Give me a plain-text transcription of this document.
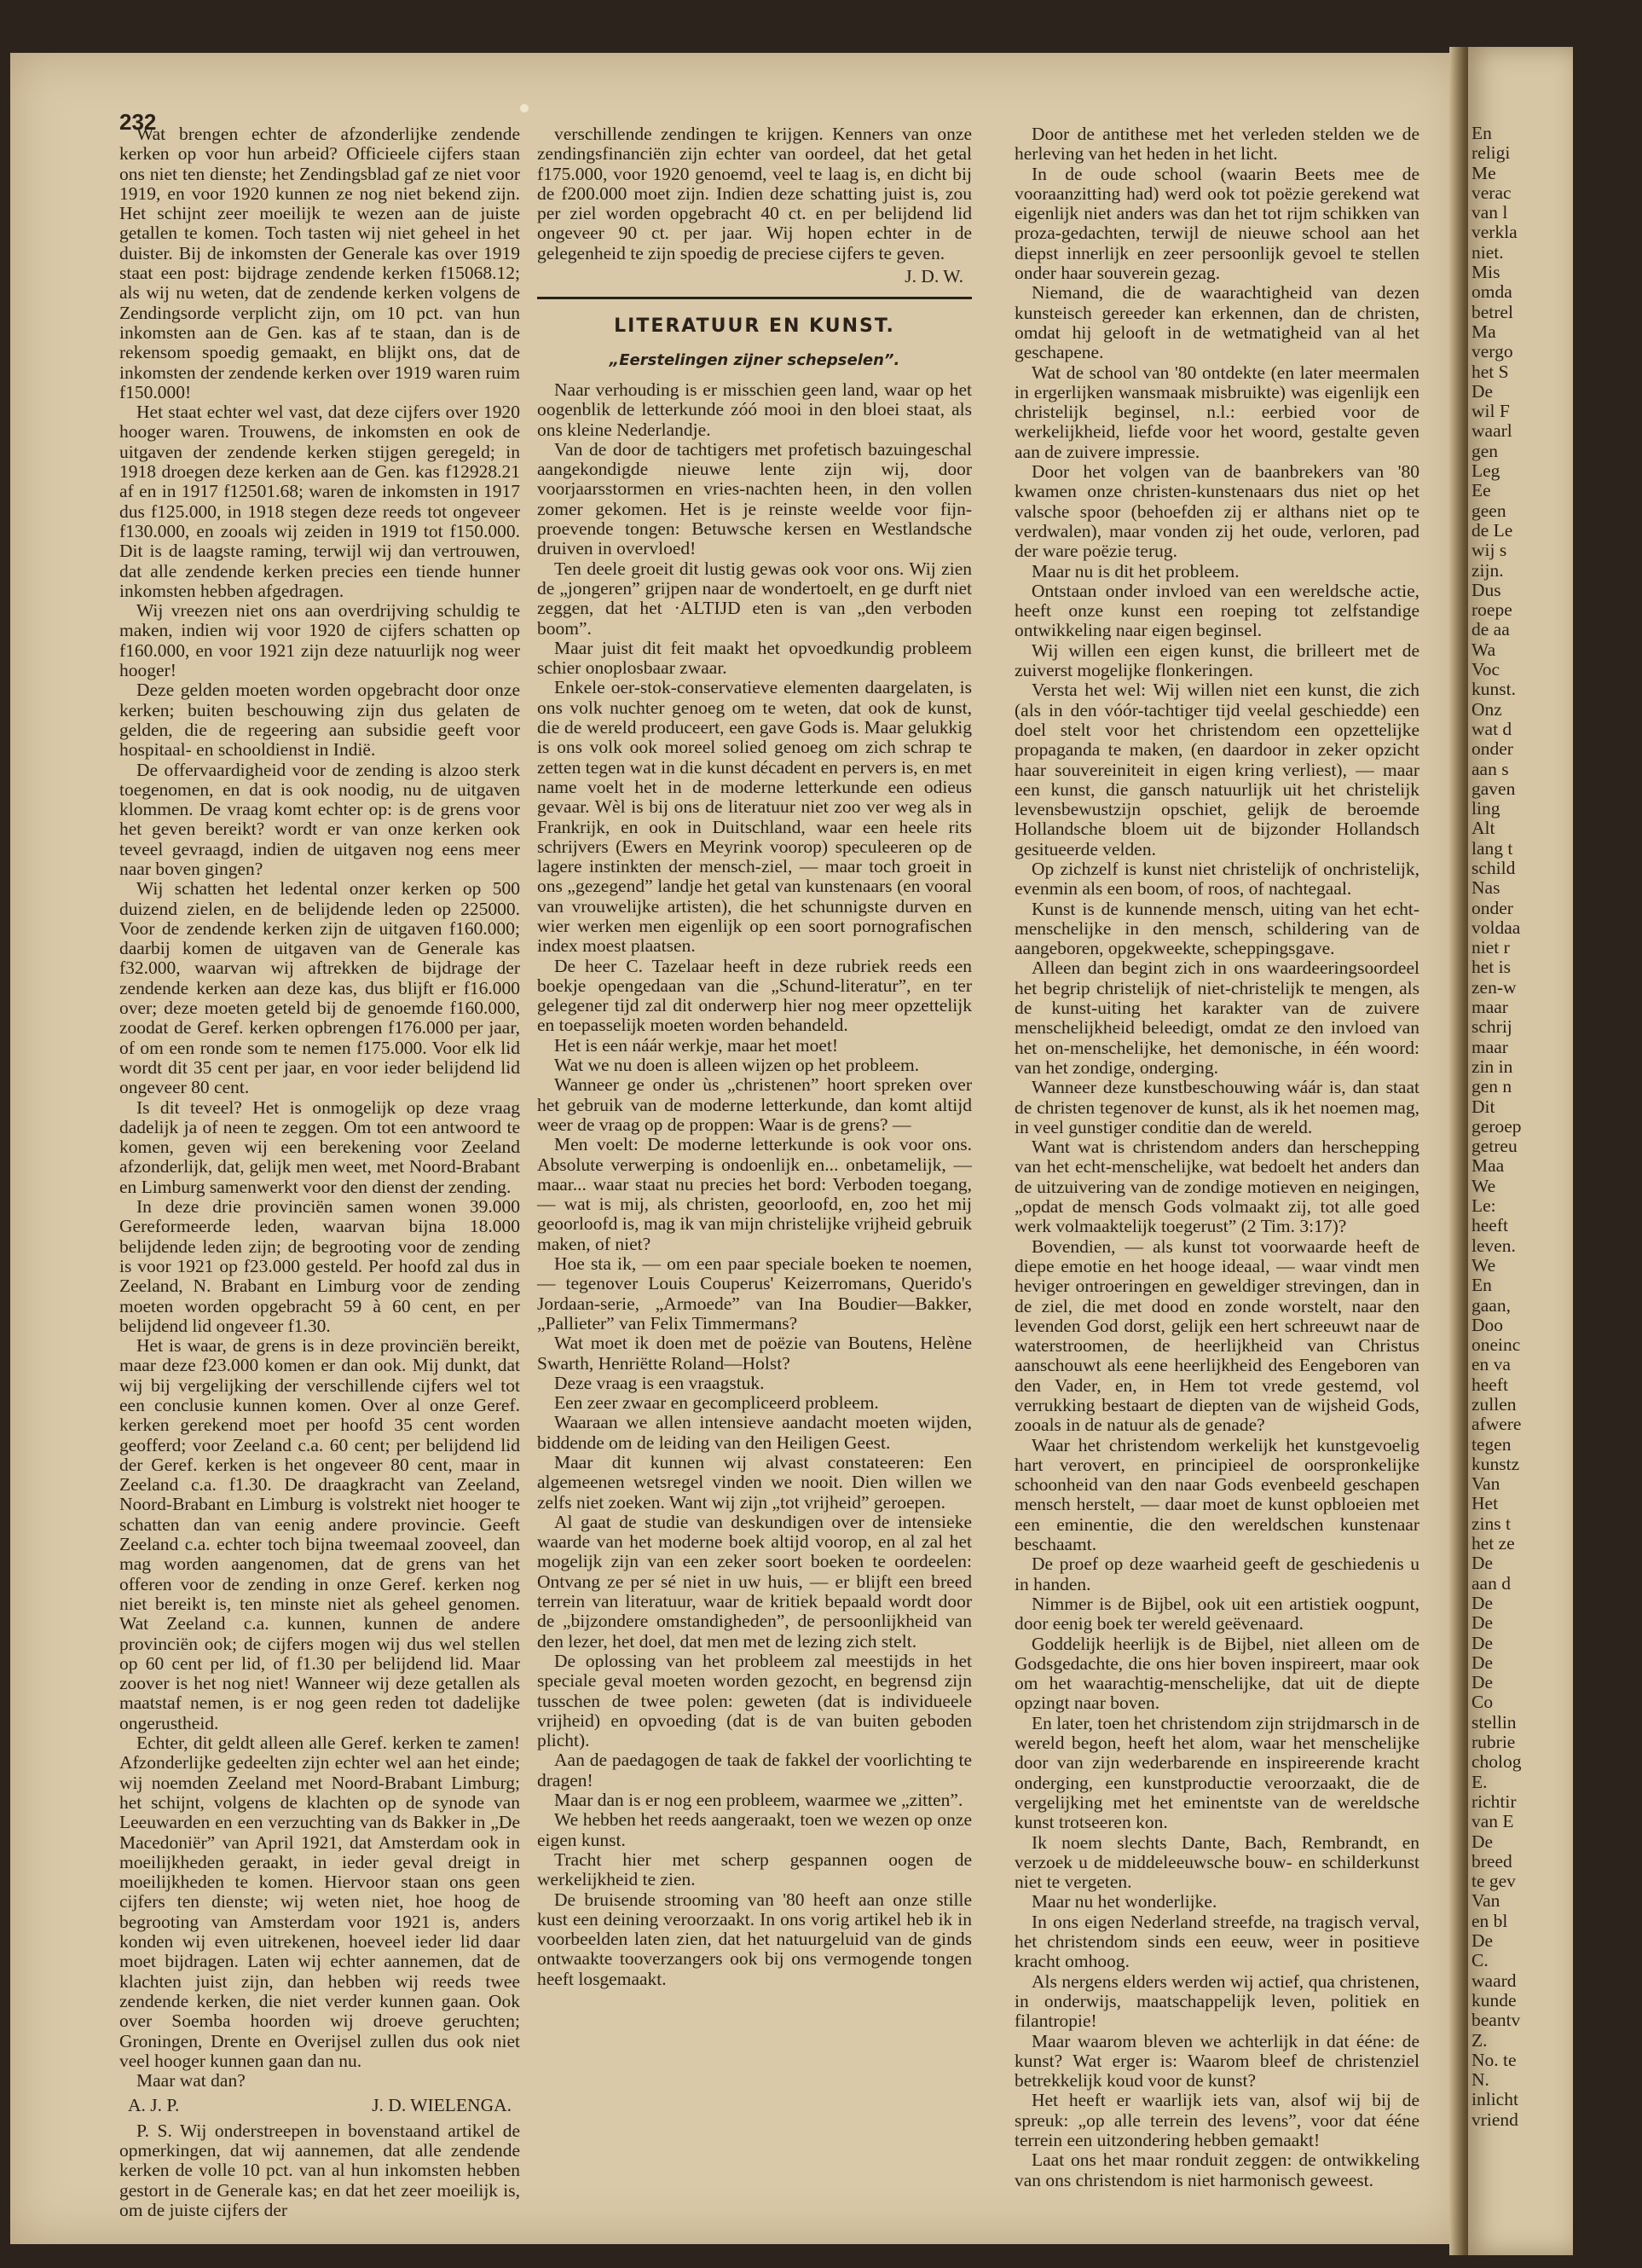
En
religi
Me
verac
van l
verkla
niet.
Mis
omda
betrel
Ma
vergo
het S
De
wil F
waarl
gen
Leg
Ee
geen
de Le
wij s
zijn.
Dus
roepe
de aa
Wa
Voc
kunst.
Onz
wat d
onder
aan s
gaven
ling
Alt
lang t
schild
Nas
onder
voldaa
niet r
het is
zen-w
maar
schrij
maar
zin in
gen n
Dit
geroep
getreu
Maa
We
Le:
heeft
leven.
We
En
gaan,
Doo
oneinc
en va
heeft
zullen
afwere
tegen
kunstz
Van
Het
zins t
het ze
De
aan d
De
De
De
De
De
Co
stellin
rubrie
cholog
E.
richtir
van E
De
breed
te gev
Van
en bl
De
C.
waard
kunde
beantv
Z.
No. te
N.
inlicht
vriend
232

Wat brengen echter de afzonderlijke zendende kerken op voor hun arbeid? Officieele cijfers staan ons niet ten dienste; het Zendingsblad gaf ze niet voor 1919, en voor 1920 kunnen ze nog niet bekend zijn. Het schijnt zeer moeilijk te wezen aan de juiste getallen te komen. Toch tasten wij niet geheel in het duister. Bij de inkomsten der Generale kas over 1919 staat een post: bijdrage zendende kerken f15068.12; als wij nu weten, dat de zendende kerken volgens de Zendingsorde verplicht zijn, om 10 pct. van hun inkomsten aan de Gen. kas af te staan, dan is de rekensom spoedig gemaakt, en blijkt ons, dat de inkomsten der zendende kerken over 1919 waren ruim f150.000!

Het staat echter wel vast, dat deze cijfers over 1920 hooger waren. Trouwens, de inkomsten en ook de uitgaven der zendende kerken stijgen geregeld; in 1918 droegen deze kerken aan de Gen. kas f12928.21 af en in 1917 f12501.68; waren de inkomsten in 1917 dus f125.000, in 1918 stegen deze reeds tot ongeveer f130.000, en zooals wij zeiden in 1919 tot f150.000. Dit is de laagste raming, terwijl wij dan vertrouwen, dat alle zendende kerken precies een tiende hunner inkomsten hebben afgedragen.

Wij vreezen niet ons aan overdrijving schuldig te maken, indien wij voor 1920 de cijfers schatten op f160.000, en voor 1921 zijn deze natuurlijk nog weer hooger!

Deze gelden moeten worden opgebracht door onze kerken; buiten beschouwing zijn dus gelaten de gelden, die de regeering aan subsidie geeft voor hospitaal- en schooldienst in Indië.

De offervaardigheid voor de zending is alzoo sterk toegenomen, en dat is ook noodig, nu de uitgaven klommen. De vraag komt echter op: is de grens voor het geven bereikt? wordt er van onze kerken ook teveel gevraagd, indien de uitgaven nog eens meer naar boven gingen?

Wij schatten het ledental onzer kerken op 500 duizend zielen, en de belijdende leden op 225000. Voor de zendende kerken zijn de uitgaven f160.000; daarbij komen de uitgaven van de Generale kas f32.000, waarvan wij aftrekken de bijdrage der zendende kerken aan deze kas, dus blijft er f16.000 over; deze moeten geteld bij de genoemde f160.000, zoodat de Geref. kerken opbrengen f176.000 per jaar, of om een ronde som te nemen f175.000. Voor elk lid wordt dit 35 cent per jaar, en voor ieder belijdend lid ongeveer 80 cent.

Is dit teveel? Het is onmogelijk op deze vraag dadelijk ja of neen te zeggen. Om tot een antwoord te komen, geven wij een berekening voor Zeeland afzonderlijk, dat, gelijk men weet, met Noord-Brabant en Limburg samenwerkt voor den dienst der zending.

In deze drie provinciën samen wonen 39.000 Gereformeerde leden, waarvan bijna 18.000 belijdende leden zijn; de begrooting voor de zending is voor 1921 op f23.000 gesteld. Per hoofd zal dus in Zeeland, N. Brabant en Limburg voor de zending moeten worden opgebracht 59 à 60 cent, en per belijdend lid ongeveer f1.30.

Het is waar, de grens is in deze provinciën bereikt, maar deze f23.000 komen er dan ook. Mij dunkt, dat wij bij vergelijking der verschillende cijfers wel tot een conclusie kunnen komen. Over al onze Geref. kerken gerekend moet per hoofd 35 cent worden geofferd; voor Zeeland c.a. 60 cent; per belijdend lid der Geref. kerken is het ongeveer 80 cent, maar in Zeeland c.a. f1.30. De draagkracht van Zeeland, Noord-Brabant en Limburg is volstrekt niet hooger te schatten dan van eenig andere provincie. Geeft Zeeland c.a. echter toch bijna tweemaal zooveel, dan mag worden aangenomen, dat de grens van het offeren voor de zending in onze Geref. kerken nog niet bereikt is, ten minste niet als geheel genomen. Wat Zeeland c.a. kunnen, kunnen de andere provinciën ook; de cijfers mogen wij dus wel stellen op 60 cent per lid, of f1.30 per belijdend lid. Maar zoover is het nog niet! Wanneer wij deze getallen als maatstaf nemen, is er nog geen reden tot dadelijke ongerustheid.

Echter, dit geldt alleen alle Geref. kerken te zamen! Afzonderlijke gedeelten zijn echter wel aan het einde; wij noemden Zeeland met Noord-Brabant Limburg; het schijnt, volgens de klachten op de synode van Leeuwarden en een verzuchting van ds Bakker in „De Macedoniër” van April 1921, dat Amsterdam ook in moeilijkheden geraakt, in ieder geval dreigt in moeilijkheden te komen. Hiervoor staan ons geen cijfers ten dienste; wij weten niet, hoe hoog de begrooting van Amsterdam voor 1921 is, anders konden wij even uitrekenen, hoeveel ieder lid daar moet bijdragen. Laten wij echter aannemen, dat de klachten juist zijn, dan hebben wij reeds twee zendende kerken, die niet verder kunnen gaan. Ook over Soemba hoorden wij droeve geruchten; Groningen, Drente en Overijsel zullen dus ook niet veel hooger kunnen gaan dan nu.

Maar wat dan?

A. J. P.	J. D. WIELENGA.

P. S. Wij onderstreepen in bovenstaand artikel de opmerkingen, dat wij aannemen, dat alle zendende kerken de volle 10 pct. van al hun inkomsten hebben gestort in de Generale kas; en dat het zeer moeilijk is, om de juiste cijfers der

verschillende zendingen te krijgen. Kenners van onze zendingsfinanciën zijn echter van oordeel, dat het getal f175.000, voor 1920 genoemd, veel te laag is, en dicht bij de f200.000 moet zijn. Indien deze schatting juist is, zou per ziel worden opgebracht 40 ct. en per belijdend lid ongeveer 90 ct. per jaar. Wij hopen echter in de gelegenheid te zijn spoedig de preciese cijfers te geven.

J. D. W.
LITERATUUR EN KUNST.
„Eerstelingen zijner schepselen”.

Naar verhouding is er misschien geen land, waar op het oogenblik de letterkunde zóó mooi in den bloei staat, als ons kleine Nederlandje.

Van de door de tachtigers met profetisch bazuingeschal aangekondigde nieuwe lente zijn wij, door voorjaarsstormen en vries-nachten heen, in den vollen zomer gekomen. Het is je reinste weelde voor fijn-proevende tongen: Betuwsche kersen en Westlandsche druiven in overvloed!

Ten deele groeit dit lustig gewas ook voor ons. Wij zien de „jongeren” grijpen naar de wondertoelt, en ge durft niet zeggen, dat het ·ALTIJD eten is van „den verboden boom”.

Maar juist dit feit maakt het opvoedkundig probleem schier onoplosbaar zwaar.

Enkele oer-stok-conservatieve elementen daargelaten, is ons volk nuchter genoeg om te weten, dat ook de kunst, die de wereld produceert, een gave Gods is. Maar gelukkig is ons volk ook moreel solied genoeg om zich schrap te zetten tegen wat in die kunst décadent en pervers is, en met name voelt het in de moderne letterkunde een odieus gevaar. Wèl is bij ons de literatuur niet zoo ver weg als in Frankrijk, en ook in Duitschland, waar een heele rits schrijvers (Ewers en Meyrink voorop) speculeeren op de lagere instinkten der mensch-ziel, — maar toch groeit in ons „gezegend” landje het getal van kunstenaars (en vooral van vrouwelijke artisten), die het schunnigste durven en wier werken men eigenlijk op een soort pornografischen index moest plaatsen.

De heer C. Tazelaar heeft in deze rubriek reeds een boekje opengedaan van die „Schund-literatur”, en ter gelegener tijd zal dit onderwerp hier nog meer opzettelijk en toepasselijk moeten worden behandeld.

Het is een náár werkje, maar het moet!

Wat we nu doen is alleen wijzen op het probleem.

Wanneer ge onder ùs „christenen” hoort spreken over het gebruik van de moderne letterkunde, dan komt altijd weer de vraag op de proppen: Waar is de grens? —

Men voelt: De moderne letterkunde is ook voor ons. Absolute verwerping is ondoenlijk en... onbetamelijk, — maar... waar staat nu precies het bord: Verboden toegang, — wat is mij, als christen, geoorloofd, en, zoo het mij geoorloofd is, mag ik van mijn christelijke vrijheid gebruik maken, of niet?

Hoe sta ik, — om een paar speciale boeken te noemen, — tegenover Louis Couperus' Keizerromans, Querido's Jordaan-serie, „Armoede” van Ina Boudier—Bakker, „Pallieter” van Felix Timmermans?

Wat moet ik doen met de poëzie van Boutens, Helène Swarth, Henriëtte Roland—Holst?

Deze vraag is een vraagstuk.

Een zeer zwaar en gecompliceerd probleem.

Waaraan we allen intensieve aandacht moeten wijden, biddende om de leiding van den Heiligen Geest.

Maar dit kunnen wij alvast constateeren: Een algemeenen wetsregel vinden we nooit. Dien willen we zelfs niet zoeken. Want wij zijn „tot vrijheid” geroepen.

Al gaat de studie van deskundigen over de intensieke waarde van het moderne boek altijd voorop, en al zal het mogelijk zijn van een zeker soort boeken te oordeelen: Ontvang ze per sé niet in uw huis, — er blijft een breed terrein van literatuur, waar de kritiek bepaald wordt door de „bijzondere omstandigheden”, de persoonlijkheid van den lezer, het doel, dat men met de lezing zich stelt.

De oplossing van het probleem zal meestijds in het speciale geval moeten worden gezocht, en begrensd zijn tusschen de twee polen: geweten (dat is individueele vrijheid) en opvoeding (dat is de van buiten geboden plicht).

Aan de paedagogen de taak de fakkel der voorlichting te dragen!

Maar dan is er nog een probleem, waarmee we „zitten”.

We hebben het reeds aangeraakt, toen we wezen op onze eigen kunst.

Tracht hier met scherp gespannen oogen de werkelijkheid te zien.

De bruisende strooming van '80 heeft aan onze stille kust een deining veroorzaakt. In ons vorig artikel heb ik in voorbeelden laten zien, dat het natuurgeluid van de ginds ontwaakte tooverzangers ook bij ons vermogende tongen heeft losgemaakt.

Door de antithese met het verleden stelden we de herleving van het heden in het licht.

In de oude school (waarin Beets mee de vooraanzitting had) werd ook tot poëzie gerekend wat eigenlijk niet anders was dan het tot rijm schikken van proza-gedachten, terwijl de nieuwe school aan het diepst innerlijk en zeer persoonlijk gevoel te stellen onder haar souverein gezag.

Niemand, die de waarachtigheid van dezen kunsteisch gereeder kan erkennen, dan de christen, omdat hij gelooft in de wetmatigheid van al het geschapene.

Wat de school van '80 ontdekte (en later meermalen in ergerlijken wansmaak misbruikte) was eigenlijk een christelijk beginsel, n.l.: eerbied voor de werkelijkheid, liefde voor het woord, gestalte geven aan de zuivere impressie.

Door het volgen van de baanbrekers van '80 kwamen onze christen-kunstenaars dus niet op het valsche spoor (behoefden zij er althans niet op te verdwalen), maar vonden zij het oude, verloren, pad der ware poëzie terug.

Maar nu is dit het probleem.

Ontstaan onder invloed van een wereldsche actie, heeft onze kunst een roeping tot zelfstandige ontwikkeling naar eigen beginsel.

Wij willen een eigen kunst, die brilleert met de zuiverst mogelijke flonkeringen.

Versta het wel: Wij willen niet een kunst, die zich (als in den vóór-tachtiger tijd veelal geschiedde) een doel stelt voor het christendom een opzettelijke propaganda te maken, (en daardoor in zeker opzicht haar souvereiniteit in eigen kring verliest), — maar een kunst, die gansch natuurlijk uit het christelijk levensbewustzijn opschiet, gelijk de beroemde Hollandsche bloem uit de bijzonder Hollandsch gesitueerde velden.

Op zichzelf is kunst niet christelijk of onchristelijk, evenmin als een boom, of roos, of nachtegaal.

Kunst is de kunnende mensch, uiting van het echt-menschelijke in den mensch, schildering van de aangeboren, opgekweekte, scheppingsgave.

Alleen dan begint zich in ons waardeeringsoordeel het begrip christelijk of niet-christelijk te mengen, als de kunst-uiting het karakter van de zuivere menschelijkheid beleedigt, omdat ze den invloed van het on-menschelijke, het demonische, in één woord: van het zondige, onderging.

Wanneer deze kunstbeschouwing wáár is, dan staat de christen tegenover de kunst, als ik het noemen mag, in veel gunstiger conditie dan de wereld.

Want wat is christendom anders dan herschepping van het echt-menschelijke, wat bedoelt het anders dan de uitzuivering van de zondige motieven en neigingen, „opdat de mensch Gods volmaakt zij, tot alle goed werk volmaaktelijk toegerust” (2 Tim. 3:17)?

Bovendien, — als kunst tot voorwaarde heeft de diepe emotie en het hooge ideaal, — waar vindt men heviger ontroeringen en geweldiger strevingen, dan in de ziel, die met dood en zonde worstelt, naar den levenden God dorst, gelijk een hert schreeuwt naar de waterstroomen, de heerlijkheid van Christus aanschouwt als eene heerlijkheid des Eengeboren van den Vader, en, in Hem tot vrede gestemd, vol verrukking bestaart de diepten van de wijsheid Gods, zooals in de natuur als de genade?

Waar het christendom werkelijk het kunstgevoelig hart verovert, en principieel de oorspronkelijke schoonheid van den naar Gods evenbeeld geschapen mensch herstelt, — daar moet de kunst opbloeien met een eminentie, die den wereldschen kunstenaar beschaamt.

De proef op deze waarheid geeft de geschiedenis u in handen.

Nimmer is de Bijbel, ook uit een artistiek oogpunt, door eenig boek ter wereld geëvenaard.

Goddelijk heerlijk is de Bijbel, niet alleen om de Godsgedachte, die ons hier boven inspireert, maar ook om het waarachtig-menschelijke, dat uit de diepte opzingt naar boven.

En later, toen het christendom zijn strijdmarsch in de wereld begon, heeft het alom, waar het menschelijke door van zijn wederbarende en inspireerende kracht onderging, een kunstproductie veroorzaakt, die de vergelijking met het eminentste van de wereldsche kunst trotseeren kon.

Ik noem slechts Dante, Bach, Rembrandt, en verzoek u de middeleeuwsche bouw- en schilderkunst niet te vergeten.

Maar nu het wonderlijke.

In ons eigen Nederland streefde, na tragisch verval, het christendom sinds een eeuw, weer in positieve kracht omhoog.

Als nergens elders werden wij actief, qua christenen, in onderwijs, maatschappelijk leven, politiek en filantropie!

Maar waarom bleven we achterlijk in dat ééne: de kunst? Wat erger is: Waarom bleef de christenziel betrekkelijk koud voor de kunst?

Het heeft er waarlijk iets van, alsof wij bij de spreuk: „op alle terrein des levens”, voor dat ééne terrein een uitzondering hebben gemaakt!

Laat ons het maar ronduit zeggen: de ontwikkeling van ons christendom is niet harmonisch geweest.
